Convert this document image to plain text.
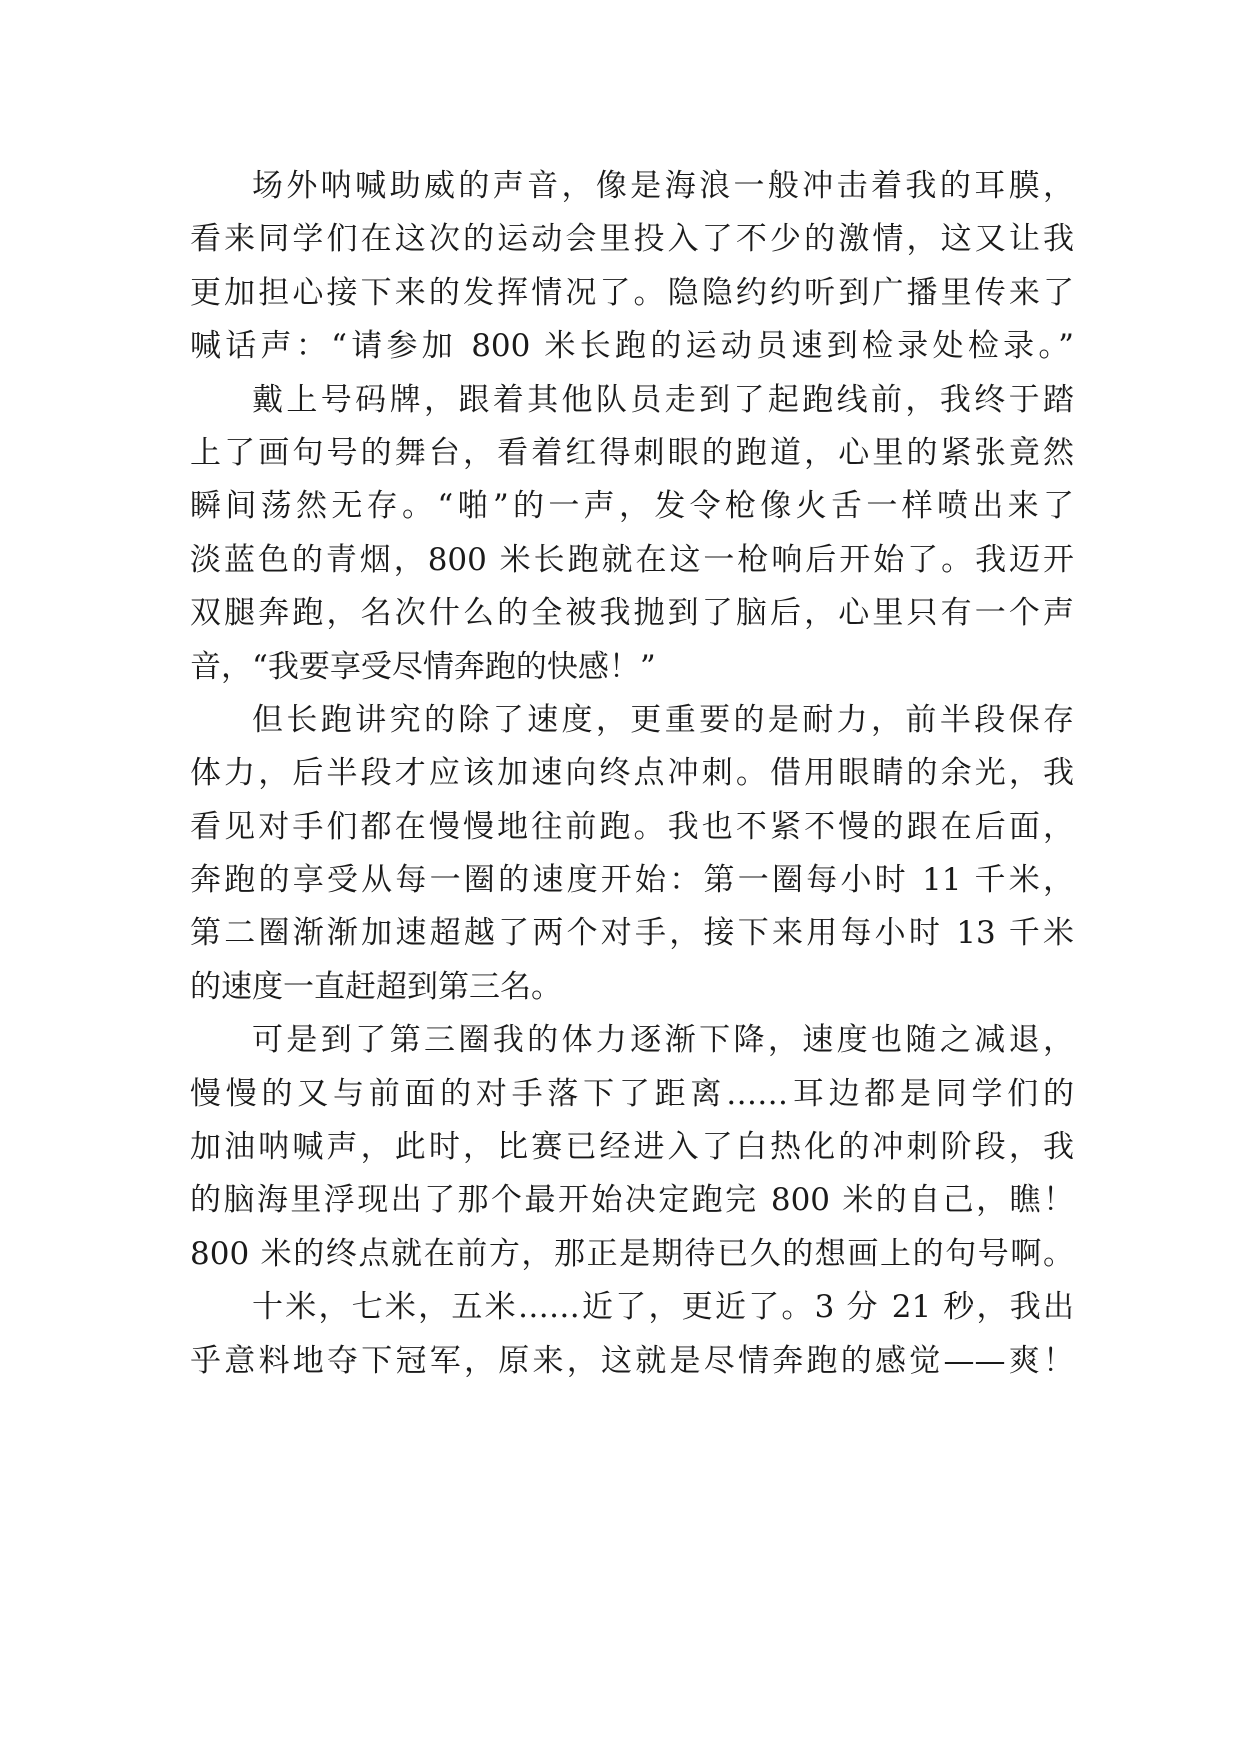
场外呐喊助威的声音，像是海浪一般冲击着我的耳膜，
看来同学们在这次的运动会里投入了不少的激情，这又让我
更加担心接下来的发挥情况了。隐隐约约听到广播里传来了
喊话声：“请参加 800 米长跑的运动员速到检录处检录。”
戴上号码牌，跟着其他队员走到了起跑线前，我终于踏
上了画句号的舞台，看着红得刺眼的跑道，心里的紧张竟然
瞬间荡然无存。“啪”的一声，发令枪像火舌一样喷出来了
淡蓝色的青烟，800 米长跑就在这一枪响后开始了。我迈开
双腿奔跑，名次什么的全被我抛到了脑后，心里只有一个声
音，“我要享受尽情奔跑的快感！”
但长跑讲究的除了速度，更重要的是耐力，前半段保存
体力，后半段才应该加速向终点冲刺。借用眼睛的余光，我
看见对手们都在慢慢地往前跑。我也不紧不慢的跟在后面，
奔跑的享受从每一圈的速度开始：第一圈每小时 11 千米，
第二圈渐渐加速超越了两个对手，接下来用每小时 13 千米
的速度一直赶超到第三名。
可是到了第三圈我的体力逐渐下降，速度也随之减退，
慢慢的又与前面的对手落下了距离……耳边都是同学们的
加油呐喊声，此时，比赛已经进入了白热化的冲刺阶段，我
的脑海里浮现出了那个最开始决定跑完 800 米的自己，瞧！
800 米的终点就在前方，那正是期待已久的想画上的句号啊。
十米，七米，五米……近了，更近了。3 分 21 秒，我出
乎意料地夺下冠军，原来，这就是尽情奔跑的感觉——爽！
